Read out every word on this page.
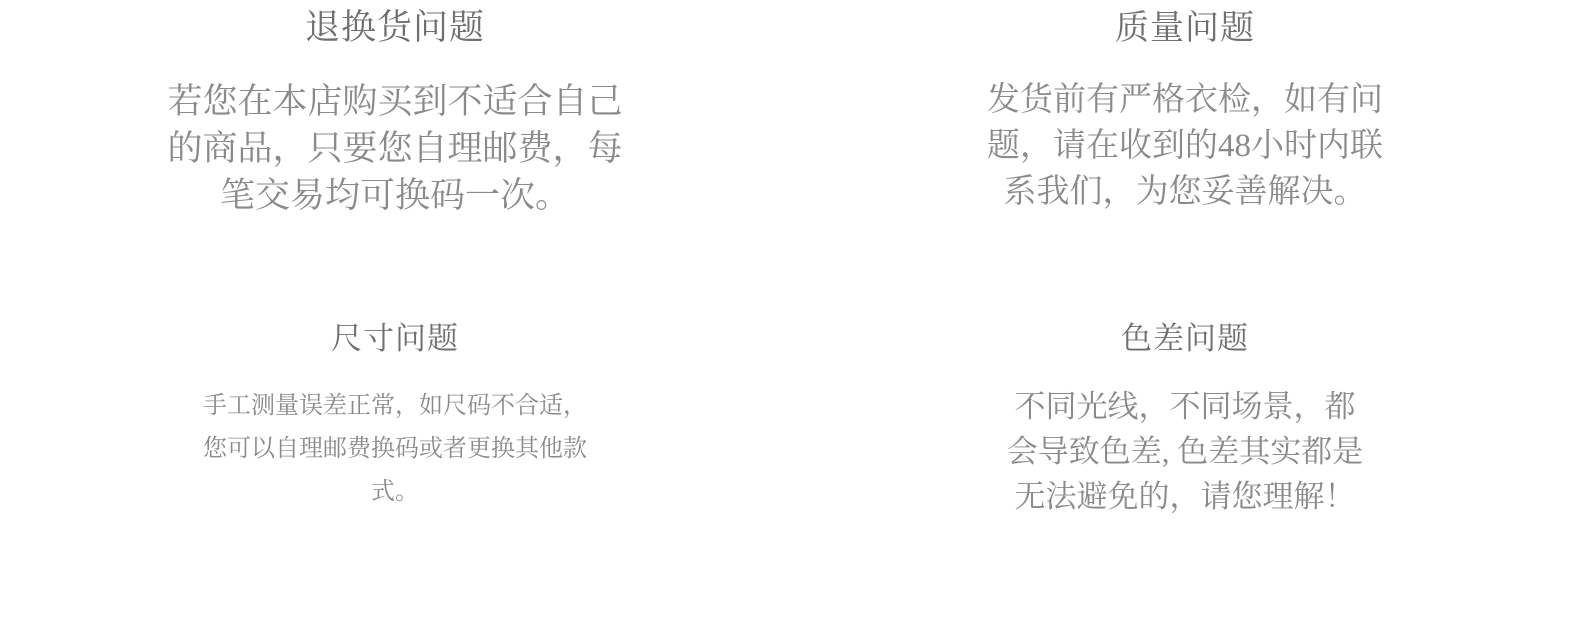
退换货问题
若您在本店购买到不适合自己
的商品，只要您自理邮费，每
笔交易均可换码一次。
质量问题
发货前有严格衣检，如有问
题，请在收到的48小时内联
系我们，为您妥善解决。
尺寸问题
手工测量误差正常，如尺码不合适，
您可以自理邮费换码或者更换其他款
式。
色差问题
不同光线，不同场景，都
会导致色差, 色差其实都是
无法避免的，请您理解！
